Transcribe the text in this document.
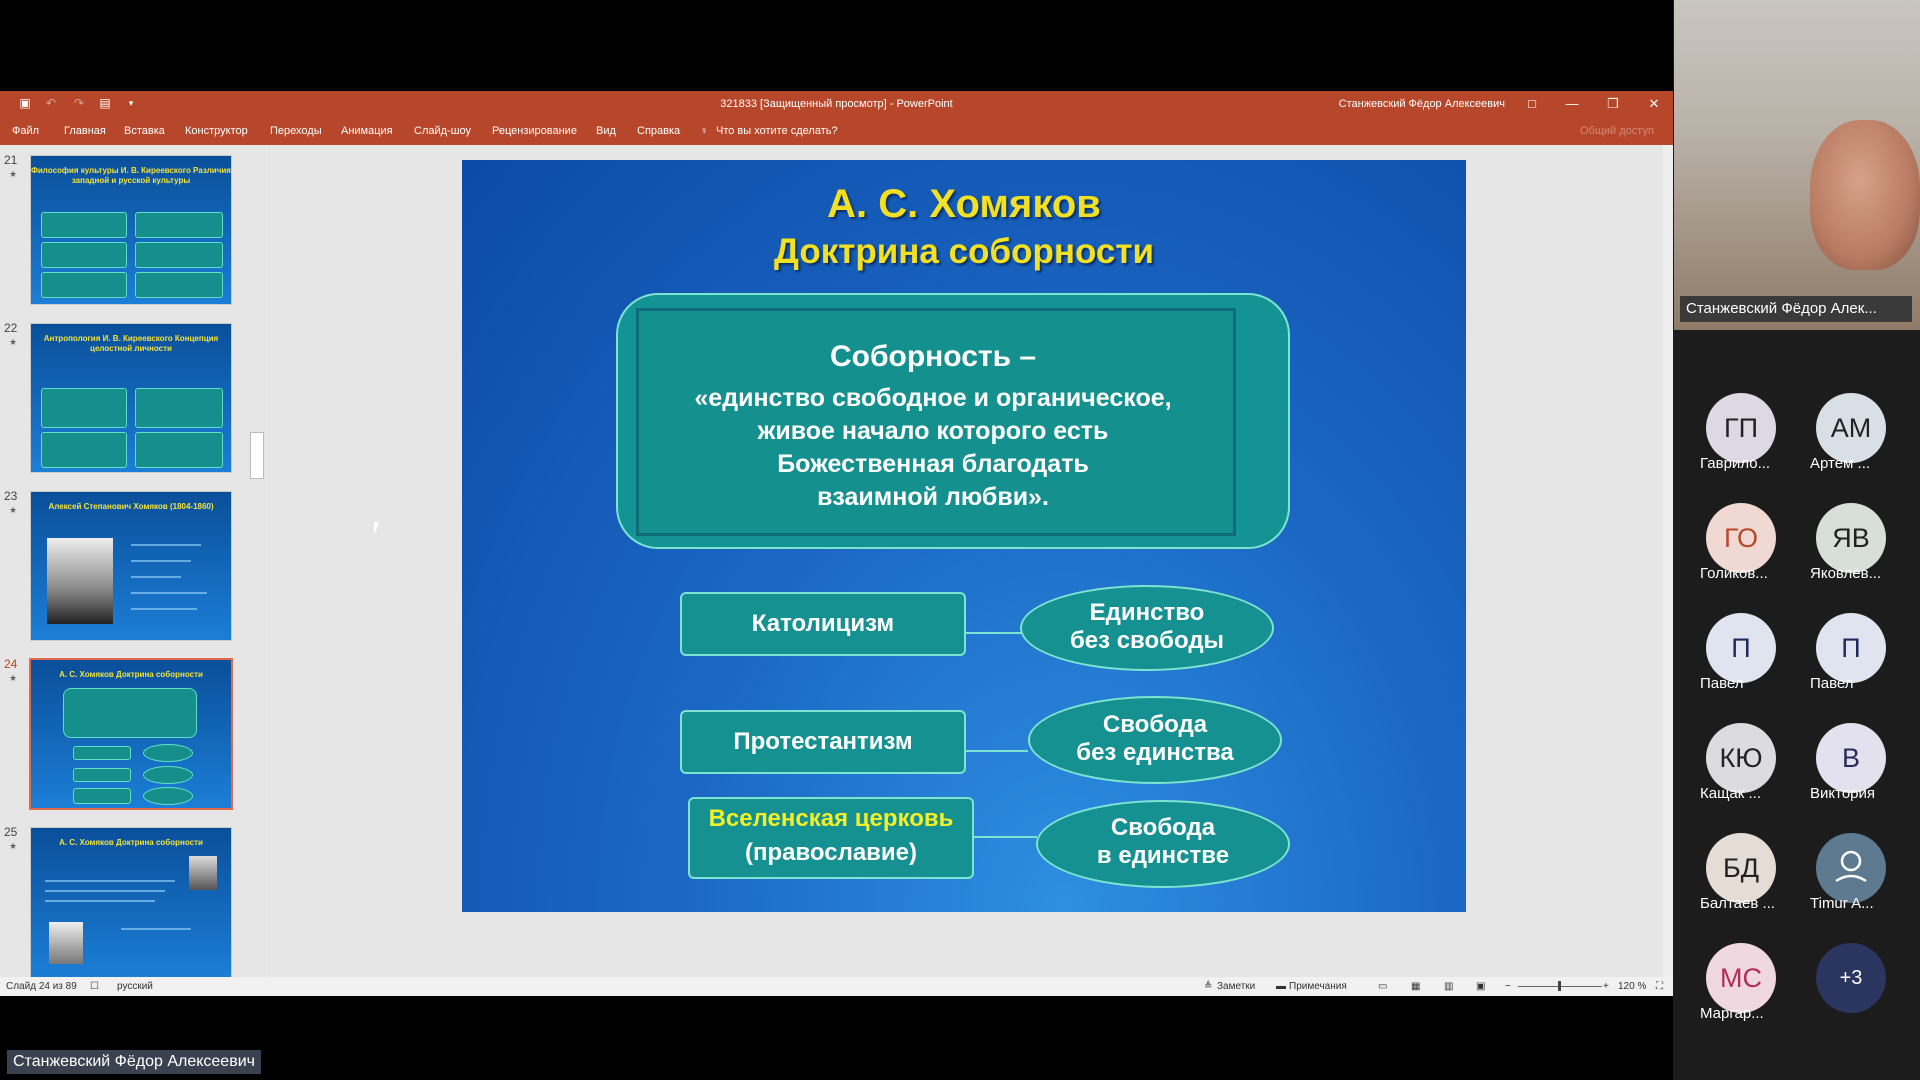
▣ ↶ ↷ ▤	▾	321833 [Защищенный просмотр] - PowerPoint	Станжевский Фёдор Алексеевич	□	—	❐	✕
Файл Главная Вставка Конструктор Переходы Анимация Слайд-шоу Рецензирование Вид Справка ♀ Что вы хотите сделать?	Общий доступ
21
★ Философия культуры И. В. Киреевского Различия западной и русской культуры
22
★	Антропология И. В. Киреевского Концепция целостной личности
23
★	Алексей Степанович Хомяков (1804-1860)
24
★	А. С. Хомяков Доктрина соборности
25
★	А. С. Хомяков Доктрина соборности
Слайд 24 из 89 ☐ русский	≜ Заметки ▬ Примечания	▭ ▦ ▥ ▣ −	+ 120 % ⛶
А. С. Хомяков
Доктрина соборности
Соборность –
«единство свободное и органическое,
живое начало которого есть
Божественная благодать
взаимной любви».
Католицизм	Единство
без свободы
Протестантизм
Свобода
без единства
Вселенская церковь
(православие)
Свобода
в единстве
Станжевский Фёдор Алек...
ГП
Гаврило...
АМ
Артем ...
ГО
Голиков...
ЯВ
Яковлев...
П
Павел
П
Павел
КЮ
Кащак ...
В
Виктория
БД
Балтаев ... Timur A...
МС
Маргар...
+3
Станжевский Фёдор Алексеевич
